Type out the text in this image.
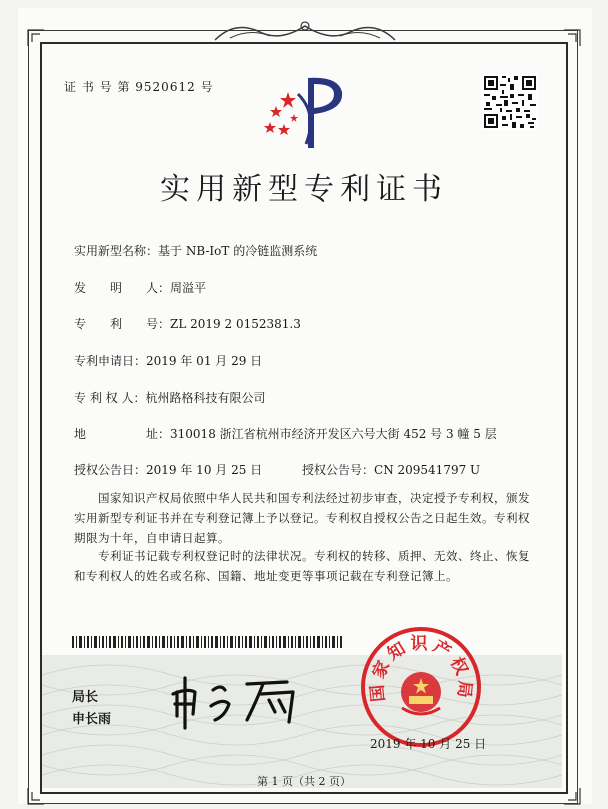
证 书 号 第 9520612 号
实用新型专利证书
实用新型名称：基于 NB-IoT 的冷链监测系统
发　　明　　人：周溢平
专　　利　　号：ZL 2019 2 0152381.3
专利申请日：2019 年 01 月 29 日
专 利 权 人：杭州路格科技有限公司
地　　　　　址：310018 浙江省杭州市经济开发区六号大街 452 号 3 幢 5 层
授权公告日：2019 年 10 月 25 日	授权公告号：CN 209541797 U
国家知识产权局依照中华人民共和国专利法经过初步审查，决定授予专利权，颁发实用新型专利证书并在专利登记簿上予以登记。专利权自授权公告之日起生效。专利权期限为十年，自申请日起算。
专利证书记载专利权登记时的法律状况。专利权的转移、质押、无效、终止、恢复和专利权人的姓名或名称、国籍、地址变更等事项记载在专利登记簿上。
局长
申长雨
国家知识产权局
2019 年 10 月 25 日
第 1 页（共 2 页）
